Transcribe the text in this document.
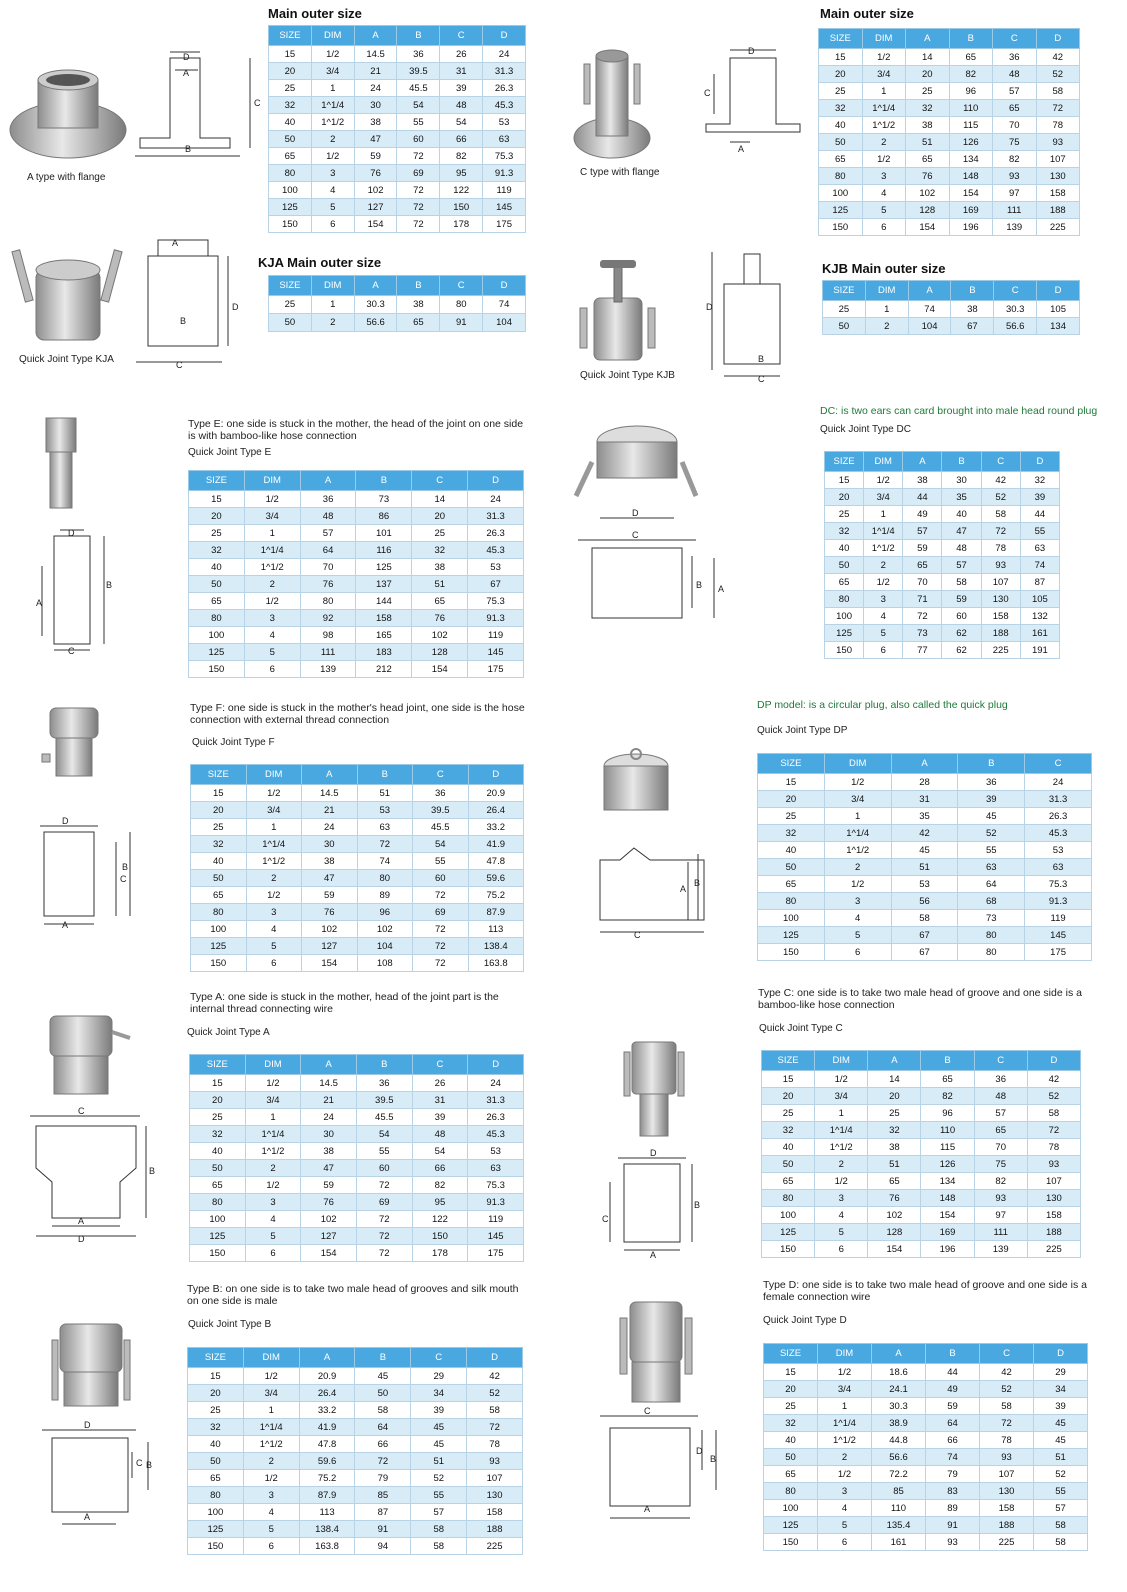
Main outer size
SIZE	DIM	A	B	C	D
15	1/2	14.5	36	26	24
20	3/4	21	39.5	31	31.3
25	1	24	45.5	39	26.3
32	1^1/4	30	54	48	45.3
40	1^1/2	38	55	54	53
50	2	47	60	66	63
65	1/2	59	72	82	75.3
80	3	76	69	95	91.3
100	4	102	72	122	119
125	5	127	72	150	145
150	6	154	72	178	175
A type with flange
Main outer size
SIZE	DIM	A	B	C	D
15	1/2	14	65	36	42
20	3/4	20	82	48	52
25	1	25	96	57	58
32	1^1/4	32	110	65	72
40	1^1/2	38	115	70	78
50	2	51	126	75	93
65	1/2	65	134	82	107
80	3	76	148	93	130
100	4	102	154	97	158
125	5	128	169	111	188
150	6	154	196	139	225
C type with flange
KJA Main outer size
SIZE	DIM	A	B	C	D
25	1	30.3	38	80	74
50	2	56.6	65	91	104
Quick Joint Type KJA
KJB Main outer size
SIZE	DIM	A	B	C	D
25	1	74	38	30.3	105
50	2	104	67	56.6	134
Quick Joint Type KJB
Type E: one side is stuck in the mother, the head of the joint on one side is with bamboo-like hose connection
Quick Joint Type E
SIZE	DIM	A	B	C	D
15	1/2	36	73	14	24
20	3/4	48	86	20	31.3
25	1	57	101	25	26.3
32	1^1/4	64	116	32	45.3
40	1^1/2	70	125	38	53
50	2	76	137	51	67
65	1/2	80	144	65	75.3
80	3	92	158	76	91.3
100	4	98	165	102	119
125	5	111	183	128	145
150	6	139	212	154	175
DC: is two ears can card brought into male head round plug
Quick Joint Type DC
SIZE	DIM	A	B	C	D
15	1/2	38	30	42	32
20	3/4	44	35	52	39
25	1	49	40	58	44
32	1^1/4	57	47	72	55
40	1^1/2	59	48	78	63
50	2	65	57	93	74
65	1/2	70	58	107	87
80	3	71	59	130	105
100	4	72	60	158	132
125	5	73	62	188	161
150	6	77	62	225	191
Type F: one side is stuck in the mother's head joint, one side is the hose connection with external thread connection
Quick Joint Type F
SIZE	DIM	A	B	C	D
15	1/2	14.5	51	36	20.9
20	3/4	21	53	39.5	26.4
25	1	24	63	45.5	33.2
32	1^1/4	30	72	54	41.9
40	1^1/2	38	74	55	47.8
50	2	47	80	60	59.6
65	1/2	59	89	72	75.2
80	3	76	96	69	87.9
100	4	102	102	72	113
125	5	127	104	72	138.4
150	6	154	108	72	163.8
DP model: is a circular plug, also called the quick plug
Quick Joint Type DP
SIZE	DIM	A	B	C
15	1/2	28	36	24
20	3/4	31	39	31.3
25	1	35	45	26.3
32	1^1/4	42	52	45.3
40	1^1/2	45	55	53
50	2	51	63	63
65	1/2	53	64	75.3
80	3	56	68	91.3
100	4	58	73	119
125	5	67	80	145
150	6	67	80	175
Type A: one side is stuck in the mother, head of the joint part is the internal thread connecting wire
Quick Joint Type A
SIZE	DIM	A	B	C	D
15	1/2	14.5	36	26	24
20	3/4	21	39.5	31	31.3
25	1	24	45.5	39	26.3
32	1^1/4	30	54	48	45.3
40	1^1/2	38	55	54	53
50	2	47	60	66	63
65	1/2	59	72	82	75.3
80	3	76	69	95	91.3
100	4	102	72	122	119
125	5	127	72	150	145
150	6	154	72	178	175
Type C: one side is to take two male head of groove and one side is a bamboo-like hose connection
Quick Joint Type C
SIZE	DIM	A	B	C	D
15	1/2	14	65	36	42
20	3/4	20	82	48	52
25	1	25	96	57	58
32	1^1/4	32	110	65	72
40	1^1/2	38	115	70	78
50	2	51	126	75	93
65	1/2	65	134	82	107
80	3	76	148	93	130
100	4	102	154	97	158
125	5	128	169	111	188
150	6	154	196	139	225
Type B: on one side is to take two male head of grooves and silk mouth on one side is male
Quick Joint Type B
SIZE	DIM	A	B	C	D
15	1/2	20.9	45	29	42
20	3/4	26.4	50	34	52
25	1	33.2	58	39	58
32	1^1/4	41.9	64	45	72
40	1^1/2	47.8	66	45	78
50	2	59.6	72	51	93
65	1/2	75.2	79	52	107
80	3	87.9	85	55	130
100	4	113	87	57	158
125	5	138.4	91	58	188
150	6	163.8	94	58	225
Type D: one side is to take two male head of groove and one side is a female connection wire
Quick Joint Type D
SIZE	DIM	A	B	C	D
15	1/2	18.6	44	42	29
20	3/4	24.1	49	52	34
25	1	30.3	59	58	39
32	1^1/4	38.9	64	72	45
40	1^1/2	44.8	66	78	45
50	2	56.6	74	93	51
65	1/2	72.2	79	107	52
80	3	85	83	130	55
100	4	110	89	158	57
125	5	135.4	91	188	58
150	6	161	93	225	58
D
A
C
B
D
C
A
A
D
B
C
D
B
C
D
B
A
C
D
C
B A
D
C
B
A
A
B
C
C
B
A
D
D
C
B
A
D
C B
A
C
D
B
A
